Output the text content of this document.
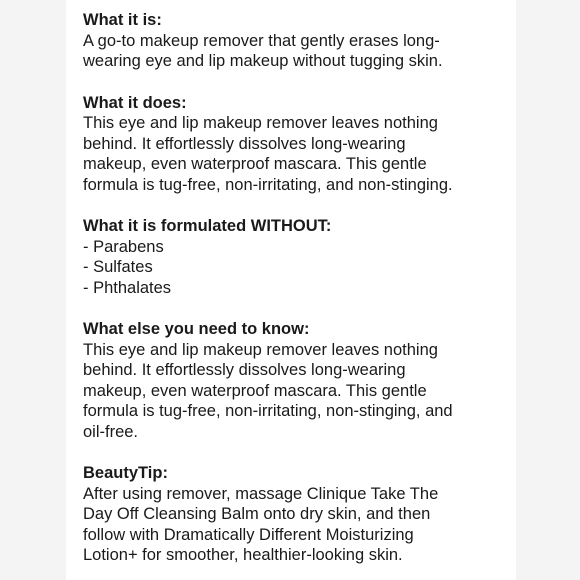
What it is:

A go-to makeup remover that gently erases long-

wearing eye and lip makeup without tugging skin.

What it does:

This eye and lip makeup remover leaves nothing

behind. It effortlessly dissolves long-wearing

makeup, even waterproof mascara. This gentle

formula is tug-free, non-irritating, and non-stinging.

What it is formulated WITHOUT:

- Parabens

- Sulfates

- Phthalates

What else you need to know:

This eye and lip makeup remover leaves nothing

behind. It effortlessly dissolves long-wearing

makeup, even waterproof mascara. This gentle

formula is tug-free, non-irritating, non-stinging, and

oil-free.

BeautyTip:

After using remover, massage Clinique Take The

Day Off Cleansing Balm onto dry skin, and then

follow with Dramatically Different Moisturizing

Lotion+ for smoother, healthier-looking skin.
